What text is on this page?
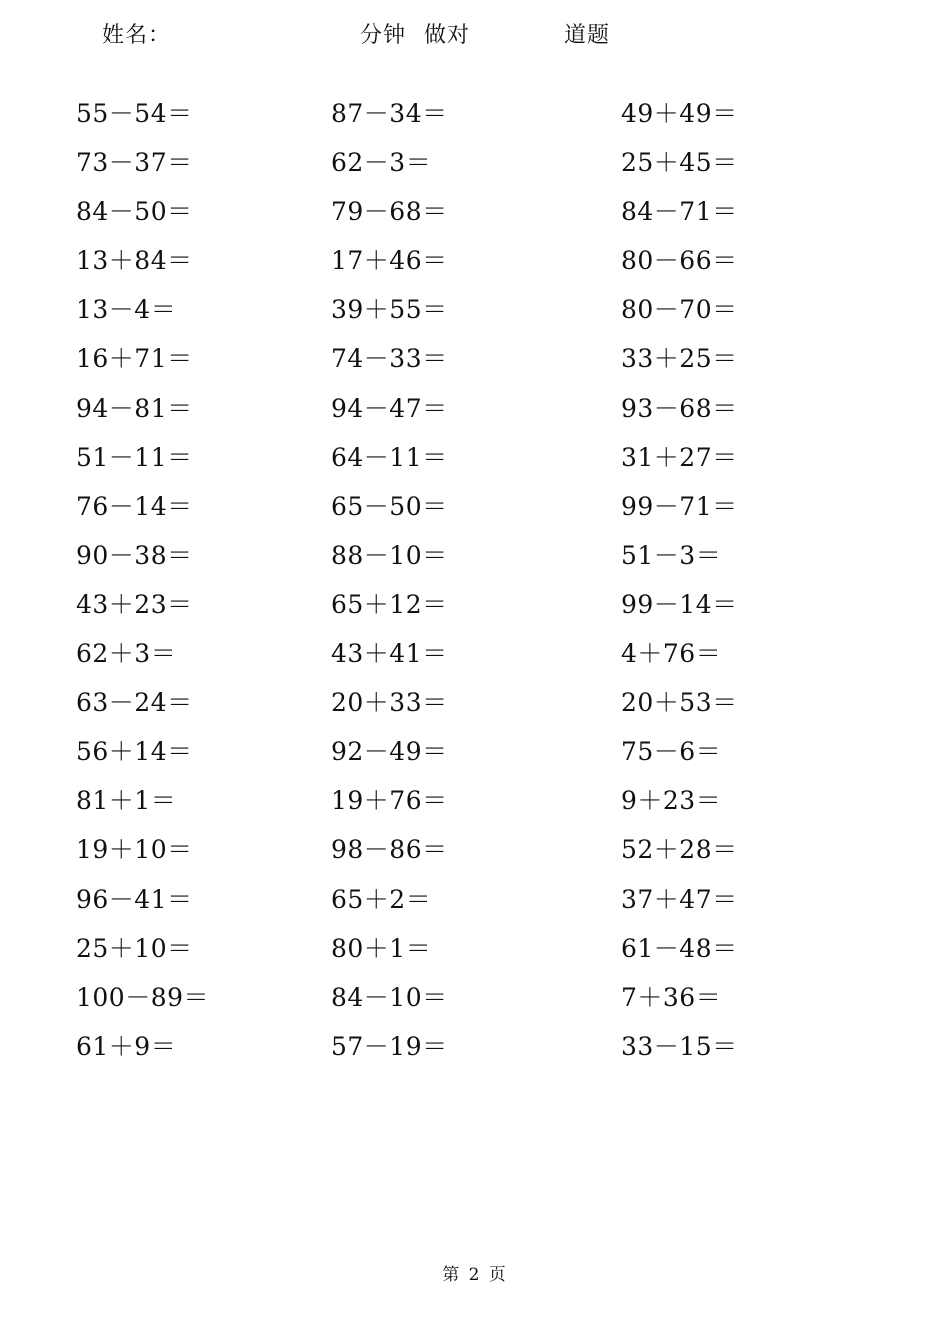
姓名：	分钟 做对	道题
55－54＝	87－34＝	49＋49＝
73－37＝	62－3＝	25＋45＝
84－50＝	79－68＝	84－71＝
13＋84＝	17＋46＝	80－66＝
13－4＝	39＋55＝	80－70＝
16＋71＝	74－33＝	33＋25＝
94－81＝	94－47＝	93－68＝
51－11＝	64－11＝	31＋27＝
76－14＝	65－50＝	99－71＝
90－38＝	88－10＝	51－3＝
43＋23＝	65＋12＝	99－14＝
62＋3＝	43＋41＝	4＋76＝
63－24＝	20＋33＝	20＋53＝
56＋14＝	92－49＝	75－6＝
81＋1＝	19＋76＝	9＋23＝
19＋10＝	98－86＝	52＋28＝
96－41＝	65＋2＝	37＋47＝
25＋10＝	80＋1＝	61－48＝
100－89＝	84－10＝	7＋36＝
61＋9＝	57－19＝	33－15＝
第 2 页
